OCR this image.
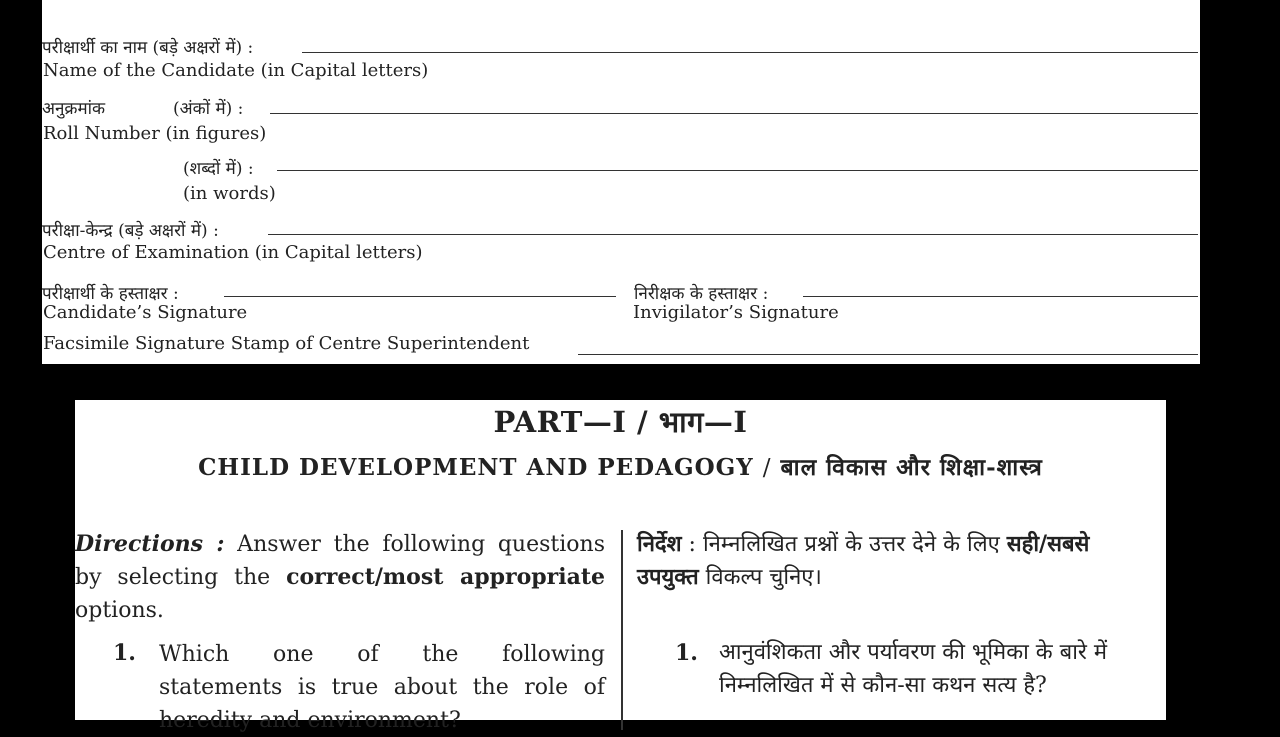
परीक्षार्थी का नाम (बड़े अक्षरों में) :
Name of the Candidate (in Capital letters)
अनुक्रमांक	(अंकों में) :
Roll Number (in figures)
(शब्दों में) :
(in words)
परीक्षा-केन्द्र (बड़े अक्षरों में) :
Centre of Examination (in Capital letters)
परीक्षार्थी के हस्ताक्षर :
Candidate’s Signature
निरीक्षक के हस्ताक्षर :
Invigilator’s Signature
Facsimile Signature Stamp of Centre Superintendent
PART—I / भाग—I
CHILD DEVELOPMENT AND PEDAGOGY / बाल विकास और शिक्षा-शास्त्र
Directions : Answer the following questions by selecting the correct/most appropriate options.
निर्देश : निम्नलिखित प्रश्नों के उत्तर देने के लिए सही/सबसे
उपयुक्त विकल्प चुनिए।
1. Which one of the following
statements is true about the role of
heredity and environment?
1. आनुवंशिकता और पर्यावरण की भूमिका के बारे में
निम्नलिखित में से कौन-सा कथन सत्य है?
